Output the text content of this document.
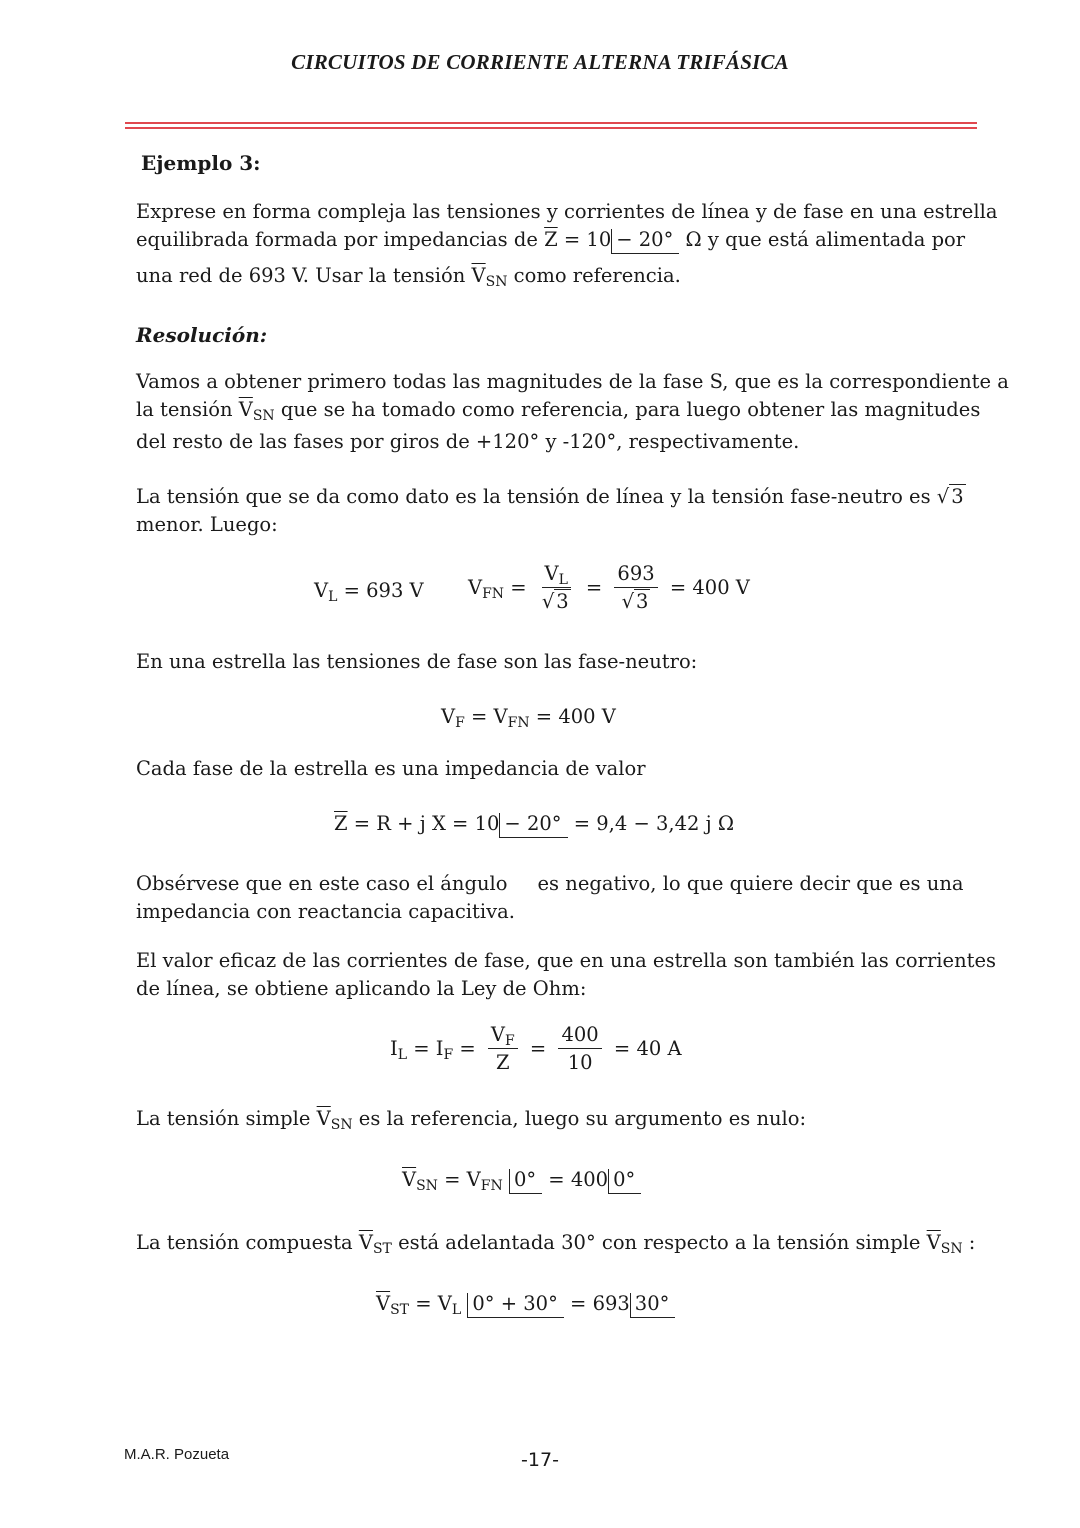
CIRCUITOS DE CORRIENTE ALTERNA TRIFÁSICA
Ejemplo 3:
Exprese en forma compleja las tensiones y corrientes de línea y de fase en una estrella
equilibrada formada por impedancias de $\overline{Z} = 10 - 20^\circ$ Ω y que está alimentada por
una red de 693 V. Usar la tensión $\overline{V}_{SN}$ como referencia.
Resolución:
Vamos a obtener primero todas las magnitudes de la fase S, que es la correspondiente a
la tensión $\overline{V}_{SN}$ que se ha tomado como referencia, para luego obtener las magnitudes
del resto de las fases por giros de +120° y -120°, respectivamente.
La tensión que se da como dato es la tensión de línea y la tensión fase-neutro es √ 3
menor. Luego:
$V_L = 693$ V $V_{FN} = \frac{V_L}{√ 3} = \frac{693}{√ 3} = 400$ V
En una estrella las tensiones de fase son las fase-neutro:
$V_F = V_{FN} = 400$ V
Cada fase de la estrella es una impedancia de valor
$\overline{Z} = R + j$ X = 10 − 20° = 9,4 − 3,42 j Ω
Obsérvese que en este caso el ángulo es negativo, lo que quiere decir que es una
impedancia con reactancia capacitiva.
El valor eficaz de las corrientes de fase, que en una estrella son también las corrientes
de línea, se obtiene aplicando la Ley de Ohm:
$I_L = I_F = \frac{V_F}{Z} = \frac{400}{10} = 40$ A
La tensión simple $\overline{V}_{SN}$ es la referencia, luego su argumento es nulo:
$\overline{V}_{SN} = V_{FN}$ 0° = 400 0°
La tensión compuesta $\overline{V}_{ST}$ está adelantada 30° con respecto a la tensión simple $\overline{V}_{SN}$ :
$\overline{V}_{ST} = V_L$ 0° + 30° = 693 30°
M.A.R. Pozueta	-17-
